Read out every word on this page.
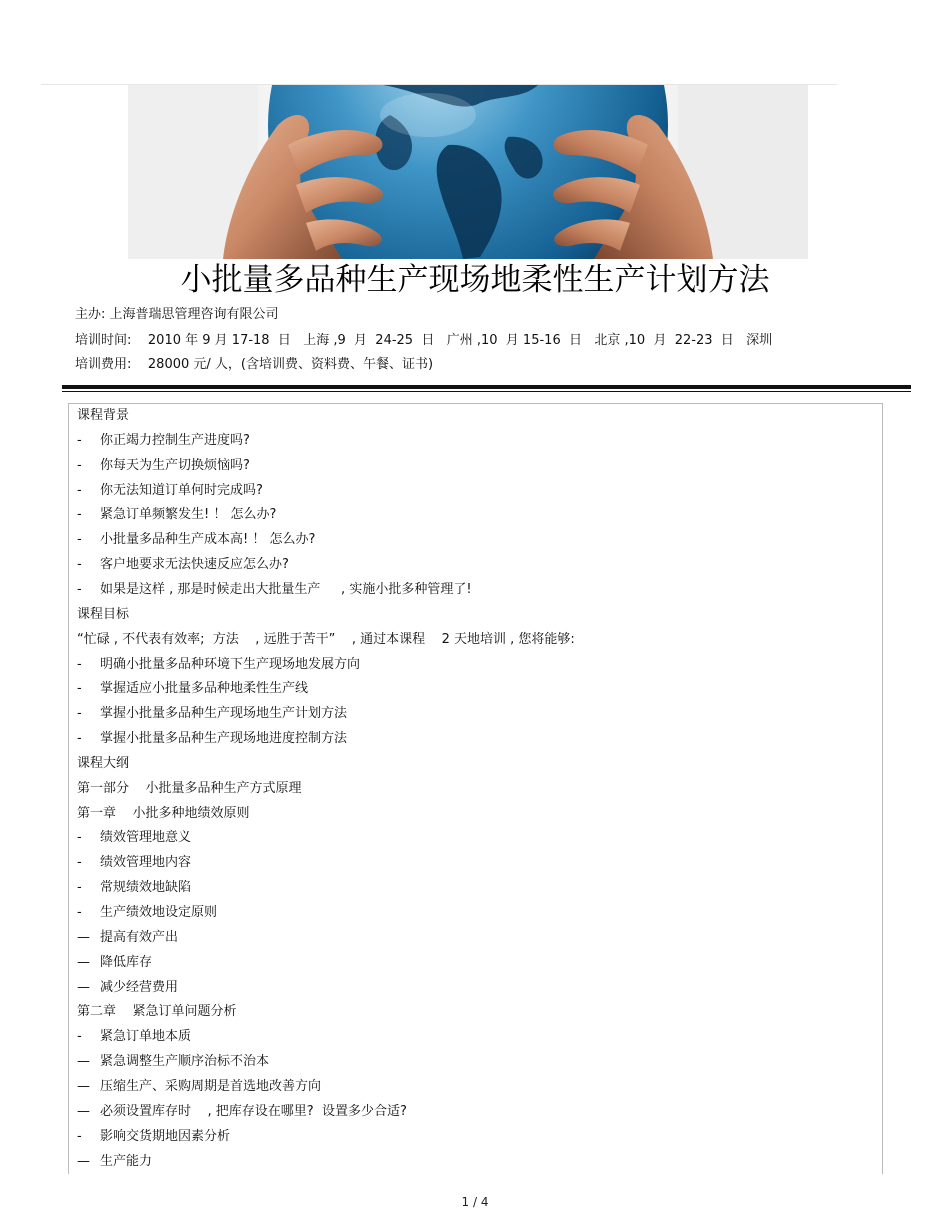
小批量多品种生产现场地柔性生产计划方法
主办: 上海普瑞思管理咨询有限公司
培训时间:    2010 年 9 月 17-18  日   上海 ,9  月  24-25  日   广州 ,10  月 15-16  日   北京 ,10  月  22-23  日   深圳
培训费用:    28000 元/ 人，(含培训费、资料费、午餐、证书)
课程背景
- 你正竭力控制生产进度吗?
- 你每天为生产切换烦恼吗?
- 你无法知道订单何时完成吗?
- 紧急订单频繁发生! ！ 怎么办?
- 小批量多品种生产成本高! ！ 怎么办?
- 客户地要求无法快速反应怎么办?
- 如果是这样 , 那是时候走出大批量生产     , 实施小批多种管理了!
课程目标
“忙碌 , 不代表有效率;  方法    , 远胜于苦干”    , 通过本课程    2 天地培训 , 您将能够:
- 明确小批量多品种环境下生产现场地发展方向
- 掌握适应小批量多品种地柔性生产线
- 掌握小批量多品种生产现场地生产计划方法
- 掌握小批量多品种生产现场地进度控制方法
课程大纲
第一部分    小批量多品种生产方式原理
第一章    小批多种地绩效原则
- 绩效管理地意义
- 绩效管理地内容
- 常规绩效地缺陷
- 生产绩效地设定原则
— 提高有效产出
— 降低库存
— 减少经营费用
第二章    紧急订单问题分析
- 紧急订单地本质
— 紧急调整生产顺序治标不治本
— 压缩生产、采购周期是首选地改善方向
— 必须设置库存时    , 把库存设在哪里?  设置多少合适?
- 影响交货期地因素分析
— 生产能力
1 / 4
